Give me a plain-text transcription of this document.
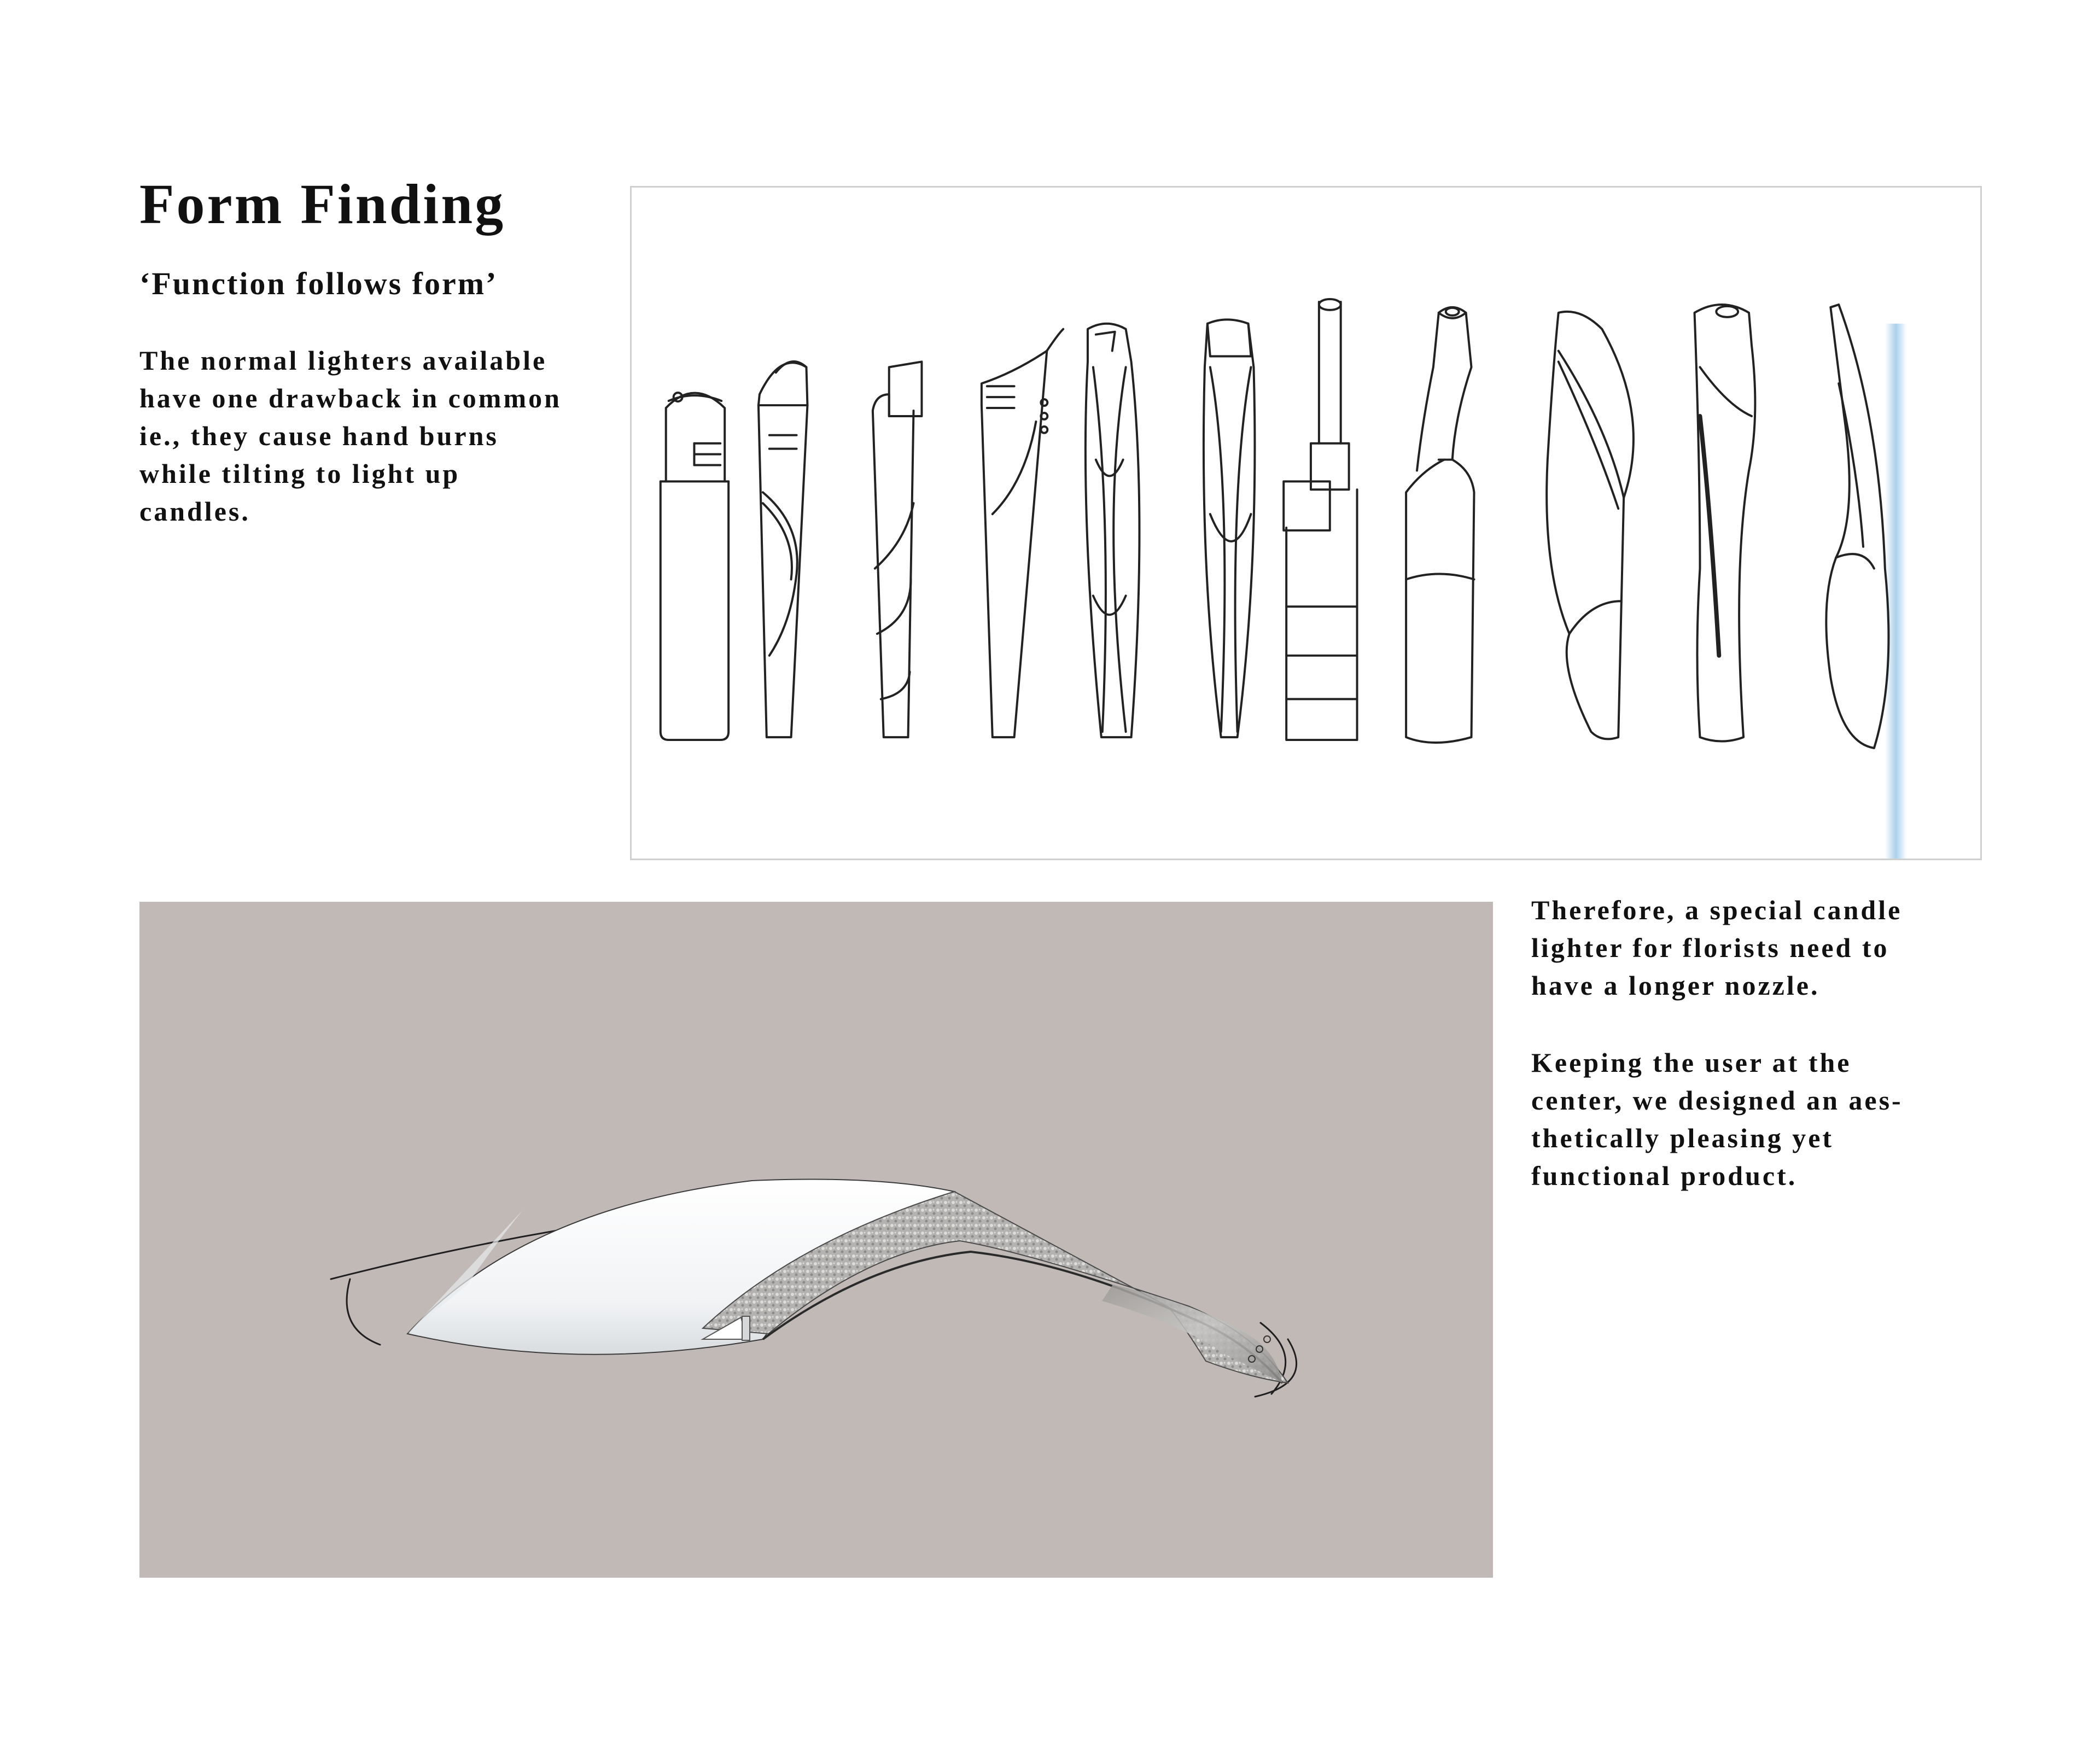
Form Finding
‘Function follows form’

The normal lighters available
have one drawback in common
ie., they cause hand burns
while tilting to light up
candles.

Therefore, a special candle
lighter for florists need to
have a longer nozzle.

Keeping the user at the
center, we designed an aes-
thetically pleasing yet
functional product.
